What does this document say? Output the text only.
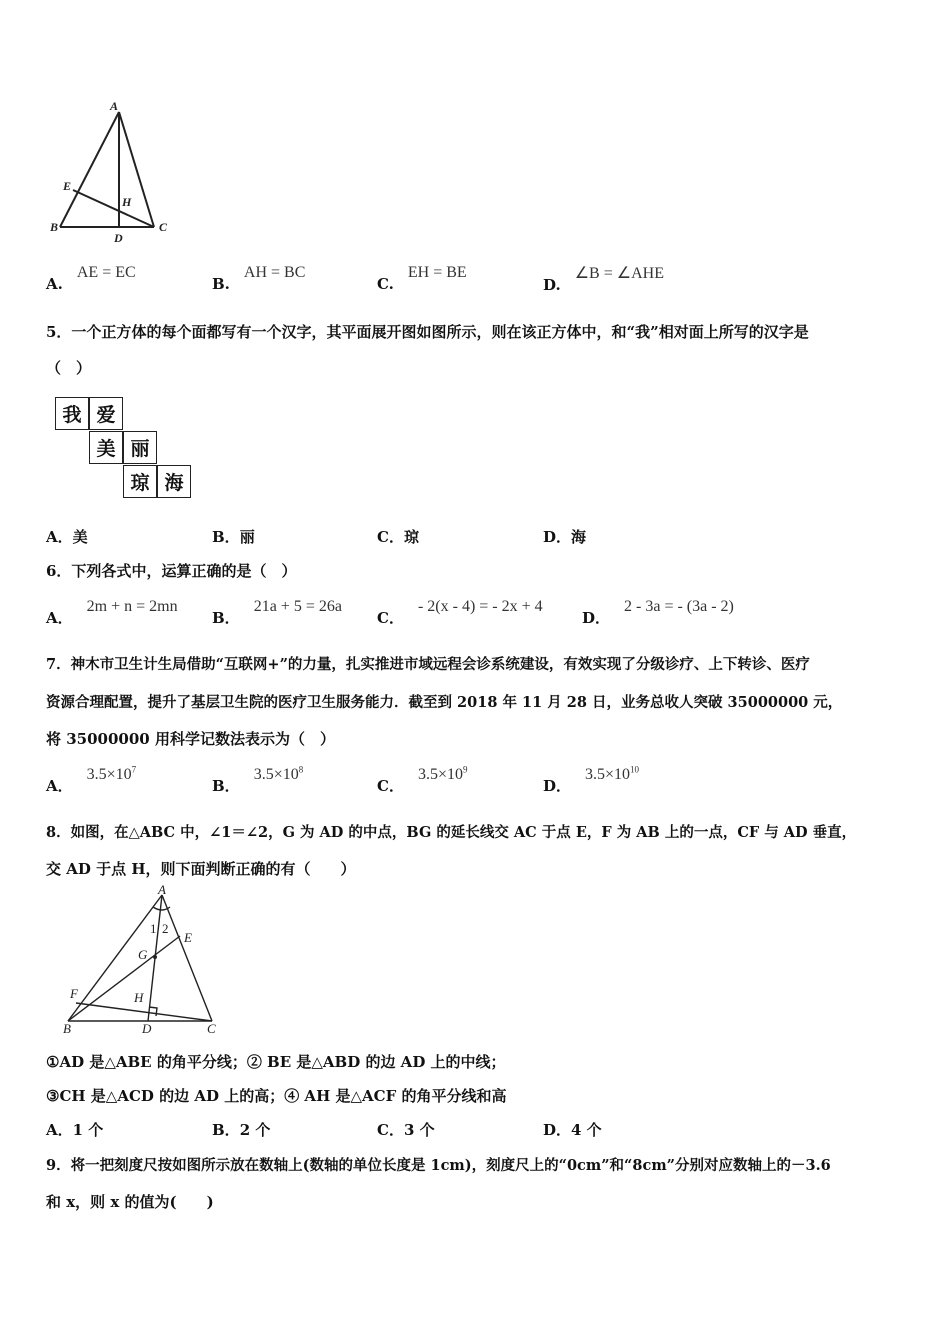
A
E
H
B
D
C
A.AE = EC
B.AH = BC
C.EH = BE
D.∠B = ∠AHE
5．一个正方体的每个面都写有一个汉字，其平面展开图如图所示，则在该正方体中，和“我”相对面上所写的汉字是
（　）
我 爱
美 丽
琼 海
A．美	B．丽	C．琼	D．海
6．下列各式中，运算正确的是（　）
A．2m + n = 2mn
B．21a + 5 = 26a
C．- 2(x - 4) = - 2x + 4
D．2 - 3a = - (3a - 2)
7．神木市卫生计生局借助“互联网+”的力量，扎实推进市域远程会诊系统建设，有效实现了分级诊疗、上下转诊、医疗
资源合理配置，提升了基层卫生院的医疗卫生服务能力．截至到 2018 年 11 月 28 日，业务总收人突破 35000000 元，
将 35000000 用科学记数法表示为（　）
A．$3.5\times 10^7$
B．$3.5\times 10^8$
C．$3.5\times 10^9$
D．$3.5\times 10^{10}$
8．如图，在△ABC 中，∠1＝∠2，G 为 AD 的中点，BG 的延长线交 AC 于点 E，F 为 AB 上的一点，CF 与 AD 垂直，
交 AD 于点 H，则下面判断正确的有（　　）
A
1 2
E
G
F	H
B	D	C
①AD 是△ABE 的角平分线；② BE 是△ABD 的边 AD 上的中线；
③CH 是△ACD 的边 AD 上的高；④ AH 是△ACF 的角平分线和高
A．1 个	B．2 个	C．3 个	D．4 个
9．将一把刻度尺按如图所示放在数轴上(数轴的单位长度是 1cm)，刻度尺上的“0cm”和“8cm”分别对应数轴上的－3.6
和 x，则 x 的值为(　　)
